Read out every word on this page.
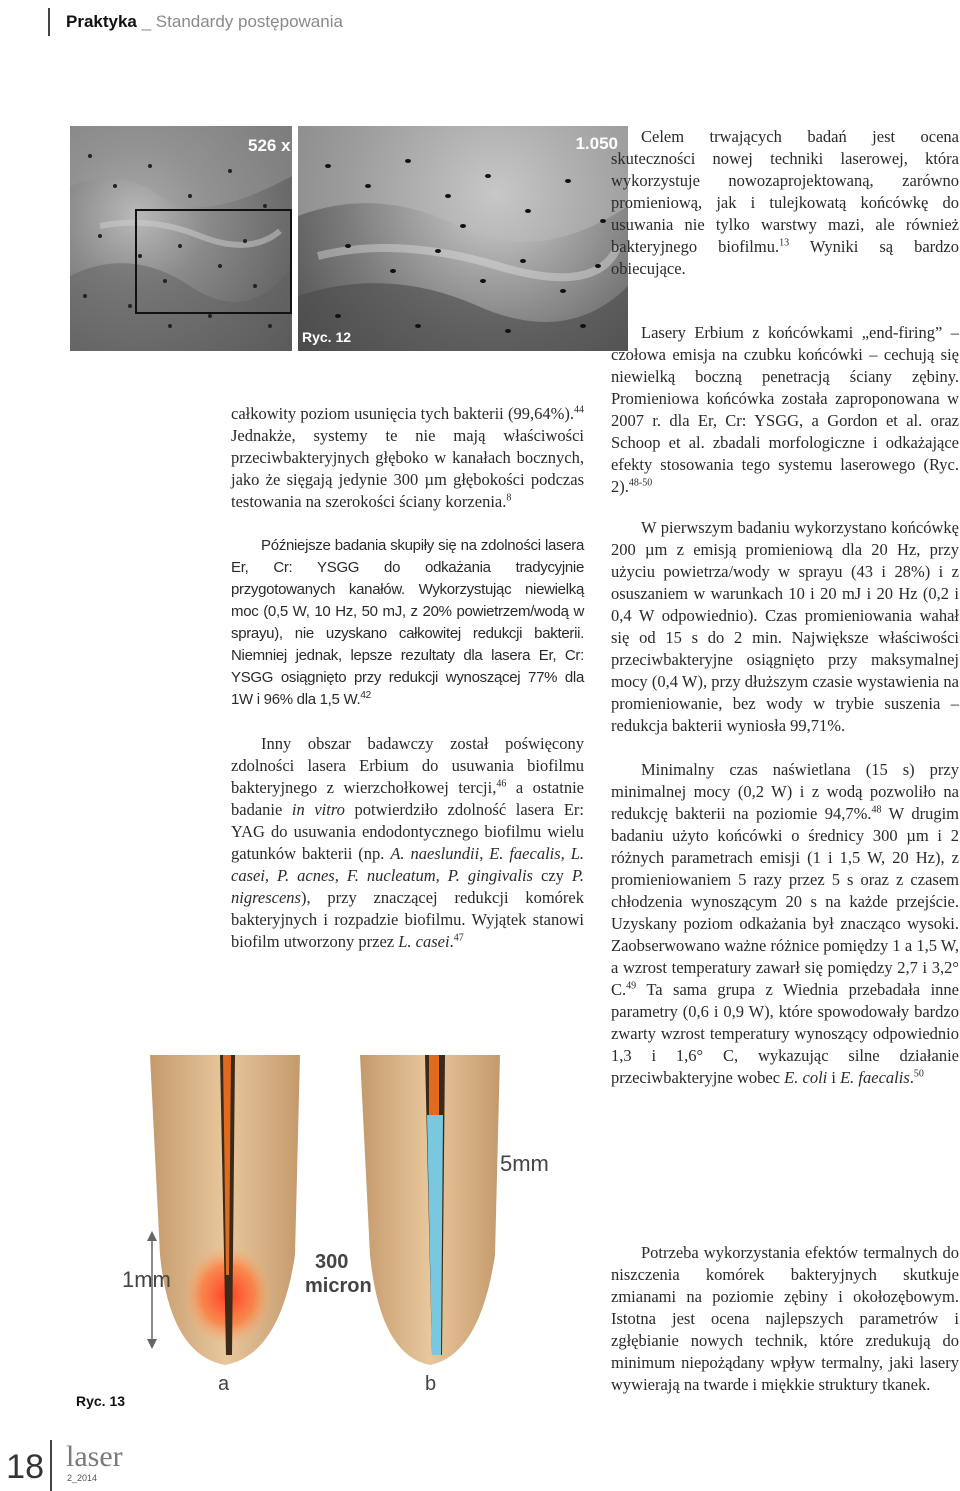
Praktyka _ Standardy postępowania
1.050
526 x
Ryc. 11	Ryc. 12

Celem trwających badań jest ocena skuteczności nowej techniki laserowej, która wykorzystuje nowozaprojektowaną, zarówno promieniową, jak i tulejkowatą końcówkę do usuwania nie tylko warstwy mazi, ale również bakteryjnego biofilmu.$^{13}$ Wyniki są bardzo obiecujące.

Lasery Erbium z końcówkami „end-firing” – czołowa emisja na czubku końcówki – cechują się niewielką boczną penetracją ściany zębiny. Promieniowa końcówka została zaproponowana w 2007 r. dla Er, Cr: YSGG, a Gordon et al. oraz Schoop et al. zbadali morfologiczne i odkażające efekty stosowania tego systemu laserowego (Ryc. 2).$^{48-50}$

całkowity poziom usunięcia tych bakterii (99,64%).$^{44}$ Jednakże, systemy te nie mają właściwości przeciwbakteryjnych głęboko w kanałach bocznych, jako że sięgają jedynie 300 µm głębokości podczas testowania na szerokości ściany korzenia.$^8$

Późniejsze badania skupiły się na zdolności lasera Er, Cr: YSGG do odkażania tradycyjnie przygotowanych kanałów. Wykorzystując niewielką moc (0,5 W, 10 Hz, 50 mJ, z 20% powietrzem/wodą w sprayu), nie uzyskano całkowitej redukcji bakterii. Niemniej jednak, lepsze rezultaty dla lasera Er, Cr: YSGG osiągnięto przy redukcji wynoszącej 77% dla 1W i 96% dla 1,5 W.$^{42}$

Inny obszar badawczy został poświęcony zdolności lasera Erbium do usuwania biofilmu bakteryjnego z wierzchołkowej tercji,$^{46}$ a ostatnie badanie in vitro potwierdziło zdolność lasera Er: YAG do usuwania endodontycznego biofilmu wielu gatunków bakterii (np. A. naeslundii, E. faecalis, L. casei, P. acnes, F. nucleatum, P. gingivalis czy P. nigrescens), przy znaczącej redukcji komórek bakteryjnych i rozpadzie biofilmu. Wyjątek stanowi biofilm utworzony przez L. casei.$^{47}$

W pierwszym badaniu wykorzystano końcówkę 200 µm z emisją promieniową dla 20 Hz, przy użyciu powietrza/wody w sprayu (43 i 28%) i z osuszaniem w warunkach 10 i 20 mJ i 20 Hz (0,2 i 0,4 W odpowiednio). Czas promieniowania wahał się od 15 s do 2 min. Największe właściwości przeciwbakteryjne osiągnięto przy maksymalnej mocy (0,4 W), przy dłuższym czasie wystawienia na promieniowanie, bez wody w trybie suszenia – redukcja bakterii wyniosła 99,71%.

Minimalny czas naświetlana (15 s) przy minimalnej mocy (0,2 W) i z wodą pozwoliło na redukcję bakterii na poziomie 94,7%.$^{48}$ W drugim badaniu użyto końcówki o średnicy 300 µm i 2 różnych parametrach emisji (1 i 1,5 W, 20 Hz), z promieniowaniem 5 razy przez 5 s oraz z czasem chłodzenia wynoszącym 20 s na każde przejście. Uzyskany poziom odkażania był znacząco wysoki. Zaobserwowano ważne różnice pomiędzy 1 a 1,5 W, a wzrost temperatury zawarł się pomiędzy 2,7 i 3,2° C.$^{49}$ Ta sama grupa z Wiednia przebadała inne parametry (0,6 i 0,9 W), które spowodowały bardzo zwarty wzrost temperatury wynoszący odpowiednio 1,3 i 1,6° C, wykazując silne działanie przeciwbakteryjne wobec E. coli i E. faecalis.$^{50}$

Potrzeba wykorzystania efektów termalnych do niszczenia komórek bakteryjnych skutkuje zmianami na poziomie zębiny i okołozębowym. Istotna jest ocena najlepszych parametrów i zgłębianie nowych technik, które zredukują do minimum niepożądany wpływ termalny, jaki lasery wywierają na twarde i miękkie struktury tkanek.

1mm
300
micron
5mm
a	b
Ryc. 13
18 laser
2_2014
